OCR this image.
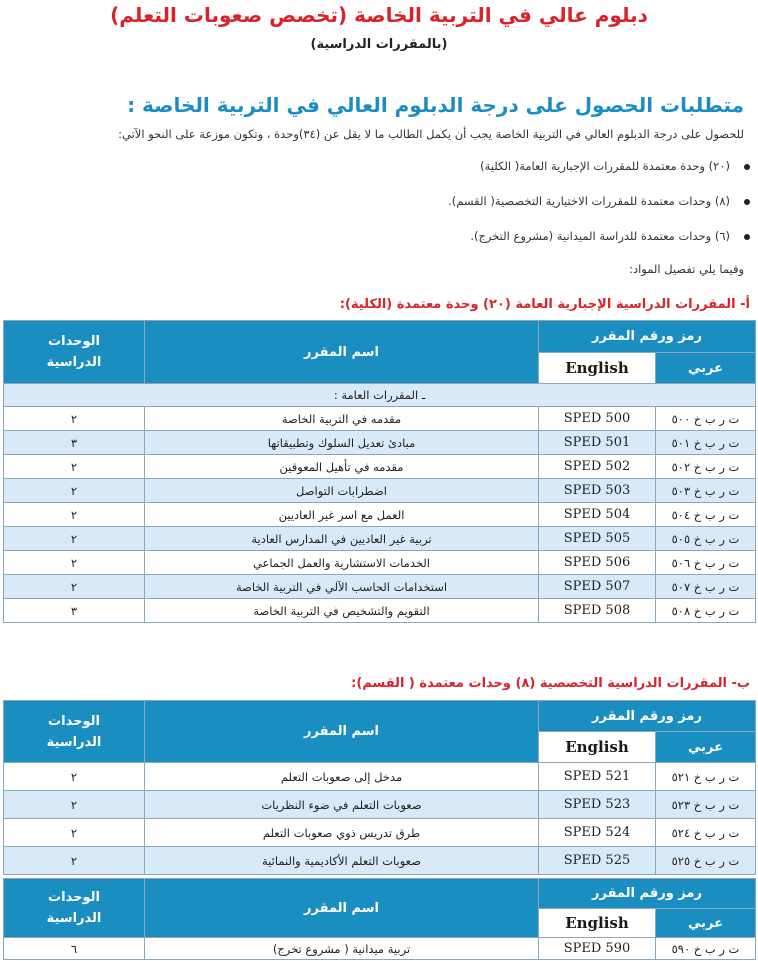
دبلوم عالي في التربية الخاصة (تخصص صعوبات التعلم)
(بالمقررات الدراسية)
متطلبات الحصول على درجة الدبلوم العالي في التربية الخاصة :
للحصول على درجة الدبلوم العالي في التربية الخاصة يجب أن يكمل الطالب ما لا يقل عن (٣٤)وحدة ، وتكون موزعة على النحو الآتي:
(٢٠) وحدة معتمدة للمقررات الإجبارية العامة( الكلية)
(٨) وحدات معتمدة للمقررات الاختيارية التخصصية( القسم).
(٦) وحدات معتمدة للدراسة الميدانية (مشروع التخرج).
وفيما يلي تفصيل المواد:
أ- المقررات الدراسية الإجبارية العامة (٢٠) وحدة معتمدة (الكلية):
رمز ورقم المقرر		اسم المقرر	الوحدات
الدراسية

عربي	English		
ـ المقررات العامة :			
ت ر ب خ ٥٠٠	SPED 500	مقدمه في التربية الخاصة	٢
ت ر ب خ ٥٠١	SPED 501	مبادئ تعديل السلوك وتطبيقاتها	٣
ت ر ب خ ٥٠٢	SPED 502	مقدمه في تأهيل المعوقين	٢
ت ر ب خ ٥٠٣	SPED 503	اضطرابات التواصل	٢
ت ر ب خ ٥٠٤	SPED 504	العمل مع اسر غير العاديين	٢
ت ر ب خ ٥٠٥	SPED 505	تربية غير العاديين في المدارس العادية	٢
ت ر ب خ ٥٠٦	SPED 506	الخدمات الاستشارية والعمل الجماعي	٢
ت ر ب خ ٥٠٧	SPED 507	استخدامات الحاسب الآلي في التربية الخاصة	٢
ت ر ب خ ٥٠٨	SPED 508	التقويم والتشخيص في التربية الخاصة	٣
ب- المقررات الدراسية التخصصية (٨) وحدات معتمدة ( القسم):
رمز ورقم المقرر		اسم المقرر	الوحدات
الدراسية

عربي	English		
ت ر ب خ ٥٢١	SPED 521	مدخل إلى صعوبات التعلم	٢
ت ر ب خ ٥٢٣	SPED 523	صعوبات التعلم في ضوء النظريات	٢
ت ر ب خ ٥٢٤	SPED 524	طرق تدريس ذوي صعوبات التعلم	٢
ت ر ب خ ٥٢٥	SPED 525	صعوبات التعلم الأكاديمية والنمائية	٢
رمز ورقم المقرر		اسم المقرر	الوحدات
الدراسية

عربي	English		
ت ر ب خ ٥٩٠	SPED 590	تربية ميدانية ( مشروع تخرج)	٦
